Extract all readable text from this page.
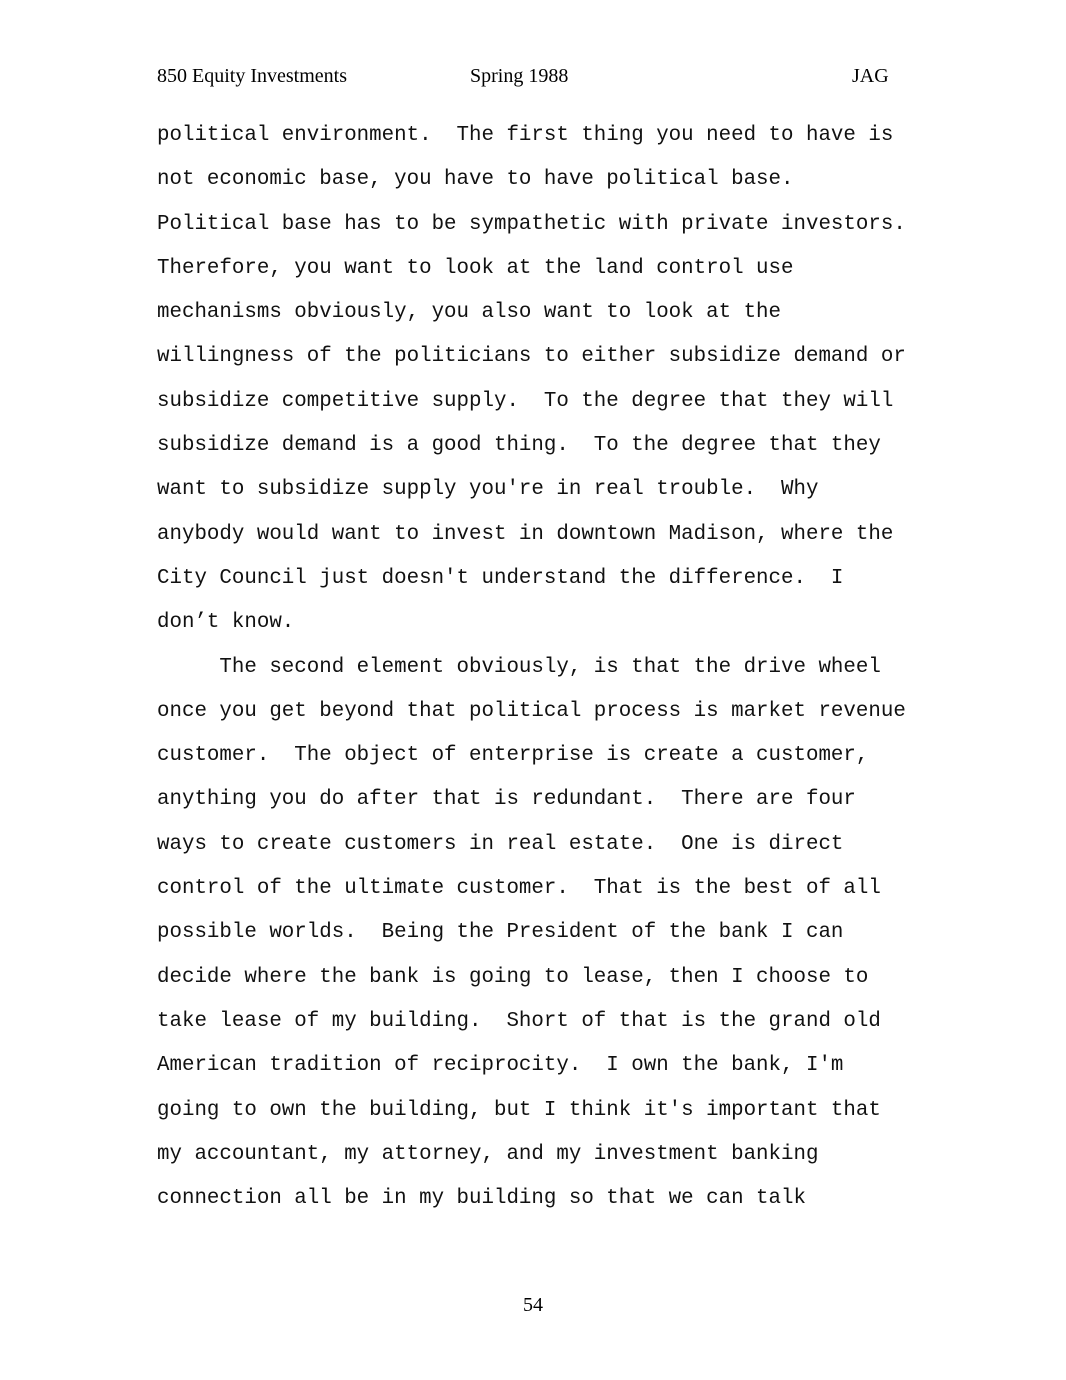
850 Equity Investments	Spring 1988	JAG
political environment.  The first thing you need to have is
not economic base, you have to have political base.
Political base has to be sympathetic with private investors.
Therefore, you want to look at the land control use
mechanisms obviously, you also want to look at the
willingness of the politicians to either subsidize demand or
subsidize competitive supply.  To the degree that they will
subsidize demand is a good thing.  To the degree that they
want to subsidize supply you're in real trouble.  Why
anybody would want to invest in downtown Madison, where the
City Council just doesn't understand the difference.  I
don’t know.
The second element obviously, is that the drive wheel
once you get beyond that political process is market revenue
customer.  The object of enterprise is create a customer,
anything you do after that is redundant.  There are four
ways to create customers in real estate.  One is direct
control of the ultimate customer.  That is the best of all
possible worlds.  Being the President of the bank I can
decide where the bank is going to lease, then I choose to
take lease of my building.  Short of that is the grand old
American tradition of reciprocity.  I own the bank, I'm
going to own the building, but I think it's important that
my accountant, my attorney, and my investment banking
connection all be in my building so that we can talk
54
